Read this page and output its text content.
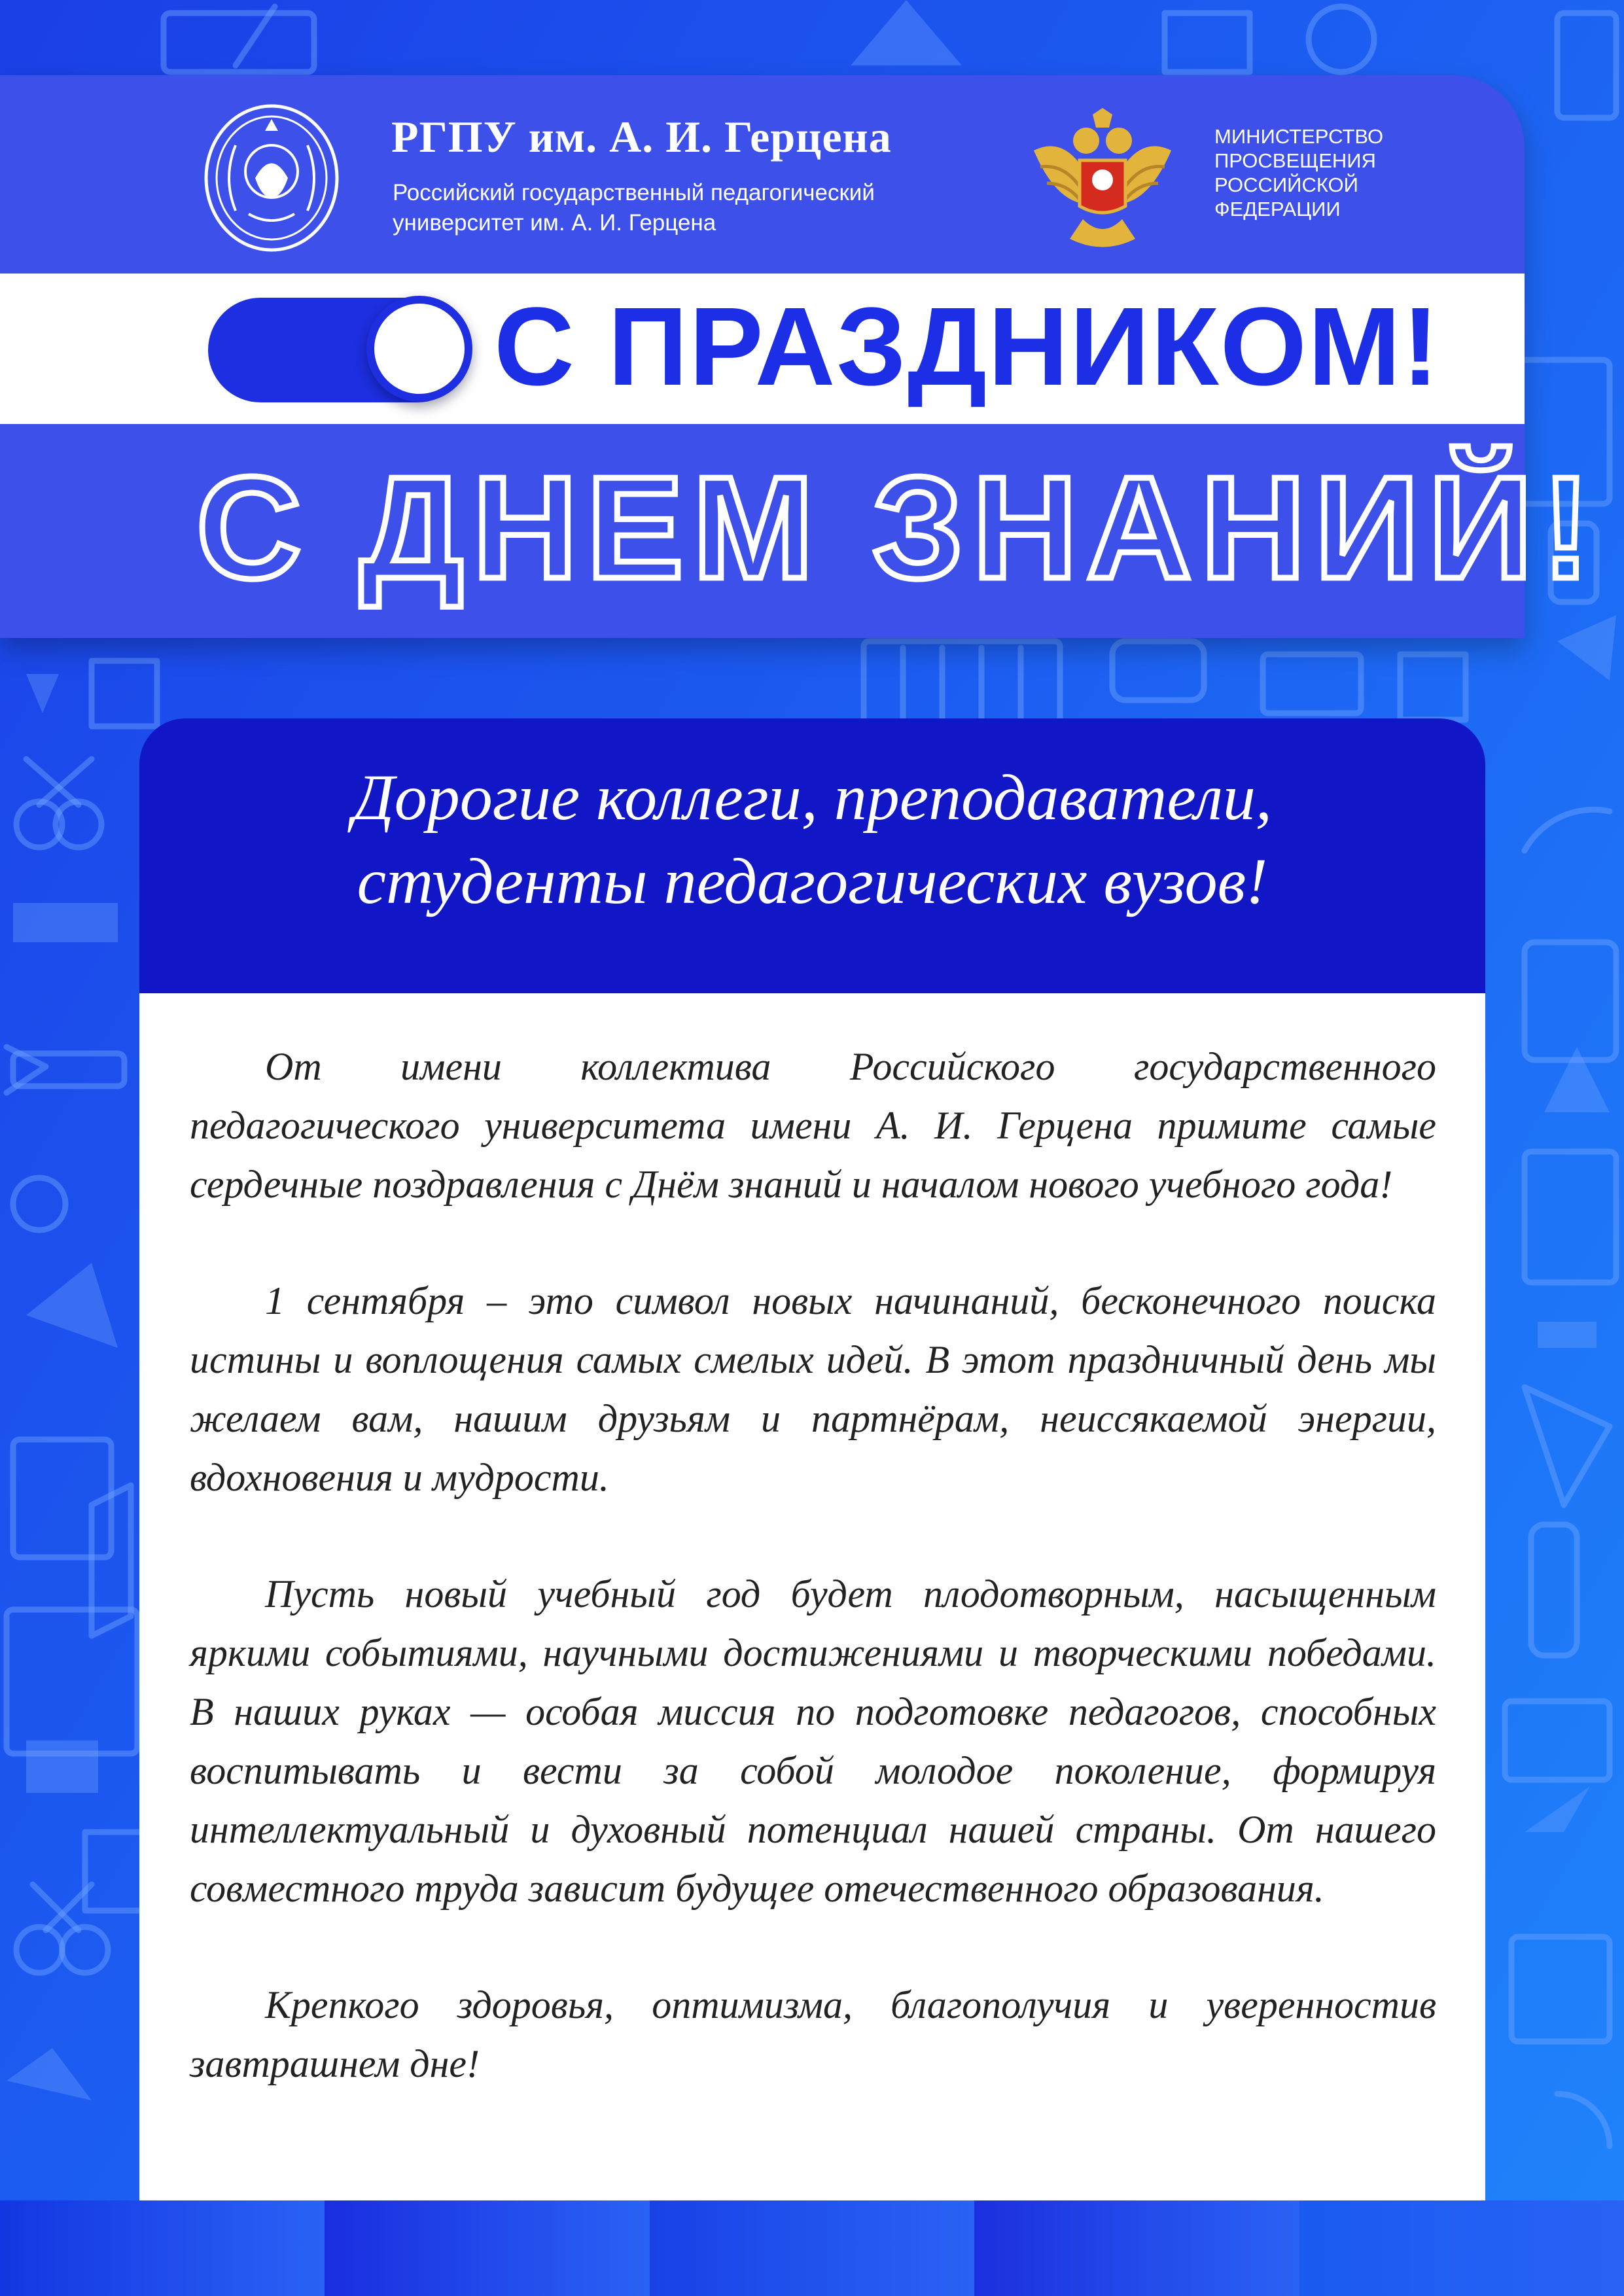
РГПУ им. А. И. Герцена
Российский государственный педагогический университет им. А. И. Герцена
МИНИСТЕРСТВО ПРОСВЕЩЕНИЯ РОССИЙСКОЙ ФЕДЕРАЦИИ
С ПРАЗДНИКОМ!
С ДНЕМ ЗНАНИЙ!
Дорогие коллеги, преподаватели,
студенты педагогических вузов!

От имени коллектива Российского государственного педагогического университета имени А. И. Герцена примите самые сердечные поздравления с Днём знаний и началом нового учебного года!

1 сентября – это символ новых начинаний, бесконечного поиска истины и воплощения самых смелых идей. В этот праздничный день мы желаем вам, нашим друзьям и партнёрам, неиссякаемой энергии, вдохновения и мудрости.

Пусть новый учебный год будет плодотворным, насыщенным яркими событиями, научными достижениями и творческими победами. В наших руках — особая миссия по подготовке педагогов, способных воспитывать и вести за собой молодое поколение, формируя интеллектуальный и духовный потенциал нашей страны. От нашего совместного труда зависит будущее отечественного образования.

Крепкого здоровья, оптимизма, благополучия и уверенностив завтрашнем дне!
